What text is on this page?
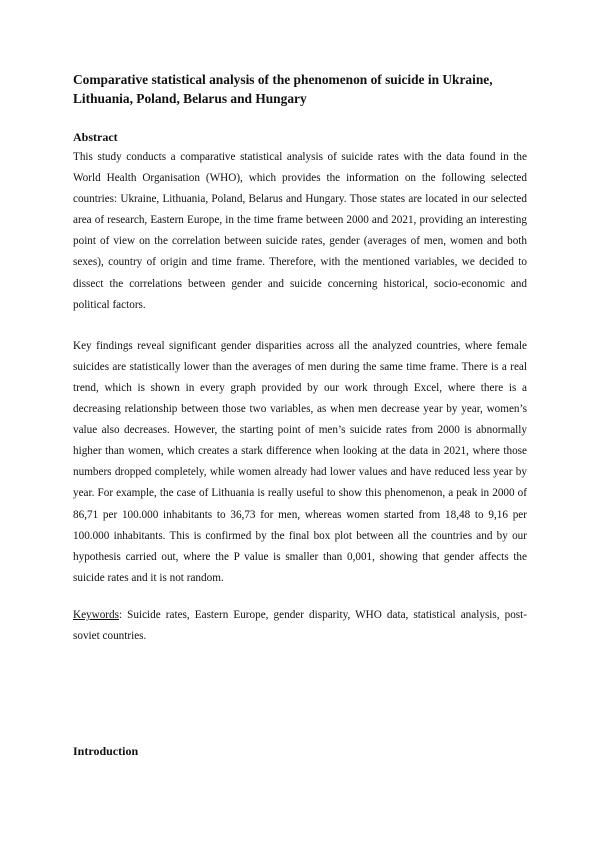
Comparative statistical analysis of the phenomenon of suicide in Ukraine, Lithuania, Poland, Belarus and Hungary
Abstract

This study conducts a comparative statistical analysis of suicide rates with the data found in the World Health Organisation (WHO), which provides the information on the following selected countries: Ukraine, Lithuania, Poland, Belarus and Hungary. Those states are located in our selected area of research, Eastern Europe, in the time frame between 2000 and 2021, providing an interesting point of view on the correlation between suicide rates, gender (averages of men, women and both sexes), country of origin and time frame. Therefore, with the mentioned variables, we decided to dissect the correlations between gender and suicide concerning historical, socio-economic and political factors.

Key findings reveal significant gender disparities across all the analyzed countries, where female suicides are statistically lower than the averages of men during the same time frame. There is a real trend, which is shown in every graph provided by our work through Excel, where there is a decreasing relationship between those two variables, as when men decrease year by year, women’s value also decreases. However, the starting point of men’s suicide rates from 2000 is abnormally higher than women, which creates a stark difference when looking at the data in 2021, where those numbers dropped completely, while women already had lower values and have reduced less year by year. For example, the case of Lithuania is really useful to show this phenomenon, a peak in 2000 of 86,71 per 100.000 inhabitants to 36,73 for men, whereas women started from 18,48 to 9,16 per 100.000 inhabitants. This is confirmed by the final box plot between all the countries and by our hypothesis carried out, where the P value is smaller than 0,001, showing that gender affects the suicide rates and it is not random.

Keywords: Suicide rates, Eastern Europe, gender disparity, WHO data, statistical analysis, post-soviet countries.
Introduction
